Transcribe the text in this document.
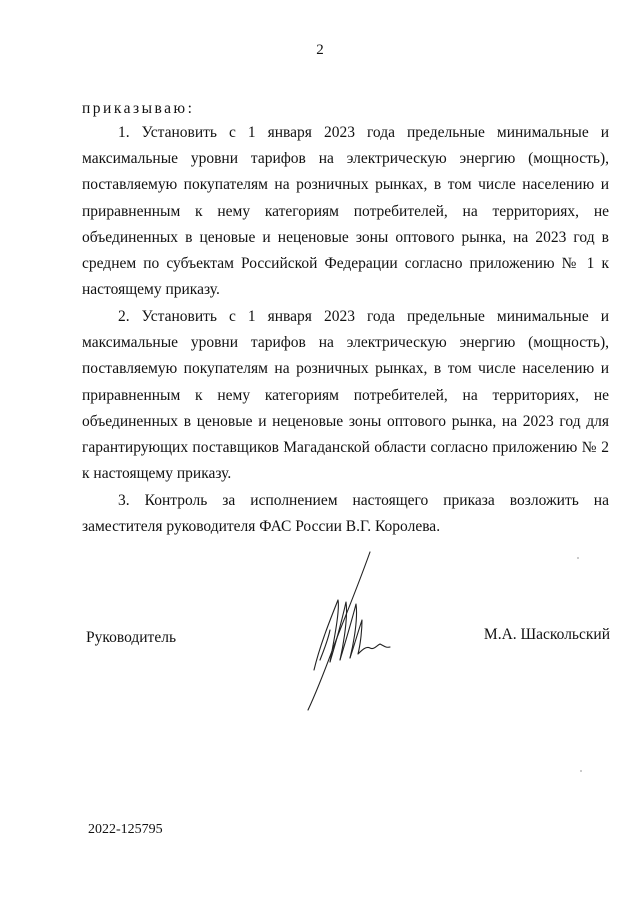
2
приказываю:

1. Установить с 1 января 2023 года предельные минимальные и максимальные уровни тарифов на электрическую энергию (мощность), поставляемую покупателям на розничных рынках, в том числе населению и приравненным к нему категориям потребителей, на территориях, не объединенных в ценовые и неценовые зоны оптового рынка, на 2023 год в среднем по субъектам Российской Федерации согласно приложению № 1 к настоящему приказу.

2. Установить с 1 января 2023 года предельные минимальные и максимальные уровни тарифов на электрическую энергию (мощность), поставляемую покупателям на розничных рынках, в том числе населению и приравненным к нему категориям потребителей, на территориях, не объединенных в ценовые и неценовые зоны оптового рынка, на 2023 год для гарантирующих поставщиков Магаданской области согласно приложению № 2 к настоящему приказу.

3. Контроль за исполнением настоящего приказа возложить на заместителя руководителя ФАС России В.Г. Королева.

Руководитель	М.А. Шаскольский
2022-125795
